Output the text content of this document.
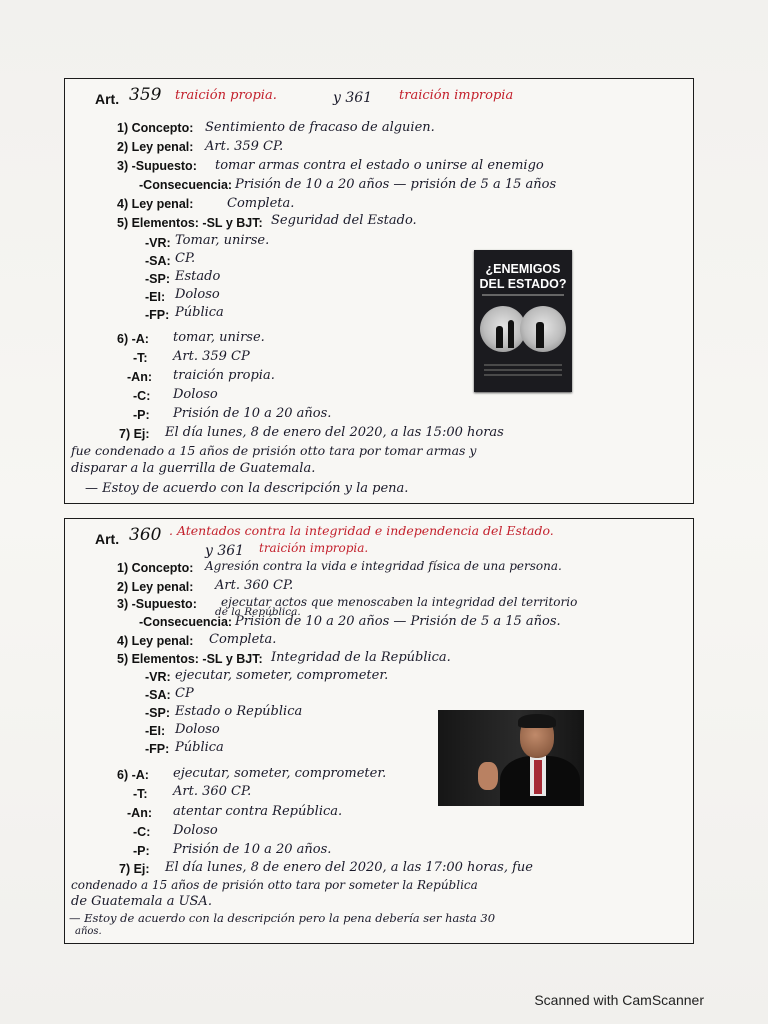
Art. 359 traición propia.	y 361 traición impropia
1) Concepto: Sentimiento de fracaso de alguien.
2) Ley penal: Art. 359 CP.
3) -Supuesto: tomar armas contra el estado o unirse al enemigo
-Consecuencia: Prisión de 10 a 20 años — prisión de 5 a 15 años
4) Ley penal:	Completa.
5) Elementos: -SL y BJT: Seguridad del Estado.
-VR: Tomar, unirse.
-SA: CP.
-SP: Estado
-EI: Doloso
-FP: Pública
6) -A: tomar, unirse.
-T: Art. 359 CP
-An: traición propia.
-C: Doloso
-P: Prisión de 10 a 20 años.
7) Ej: El día lunes, 8 de enero del 2020, a las 15:00 horas
fue condenado a 15 años de prisión otto tara por tomar armas y
disparar a la guerrilla de Guatemala.
— Estoy de acuerdo con la descripción y la pena.
¿ENEMIGOS
DEL ESTADO?
Art. 360 . Atentados contra la integridad e independencia del Estado.
y 361 traición impropia.
1) Concepto: Agresión contra la vida e integridad física de una persona.
2) Ley penal: Art. 360 CP.
3) -Supuesto: ejecutar actos que menoscaben la integridad del territorio
de la República.
-Consecuencia: Prisión de 10 a 20 años — Prisión de 5 a 15 años.
4) Ley penal: Completa.
5) Elementos: -SL y BJT: Integridad de la República.
-VR: ejecutar, someter, comprometer.
-SA: CP
-SP: Estado o República
-EI: Doloso
-FP: Pública
6) -A: ejecutar, someter, comprometer.
-T: Art. 360 CP.
-An: atentar contra República.
-C: Doloso
-P: Prisión de 10 a 20 años.
7) Ej: El día lunes, 8 de enero del 2020, a las 17:00 horas, fue
condenado a 15 años de prisión otto tara por someter la República
de Guatemala a USA.
— Estoy de acuerdo con la descripción pero la pena debería ser hasta 30
años.
Scanned with CamScanner
